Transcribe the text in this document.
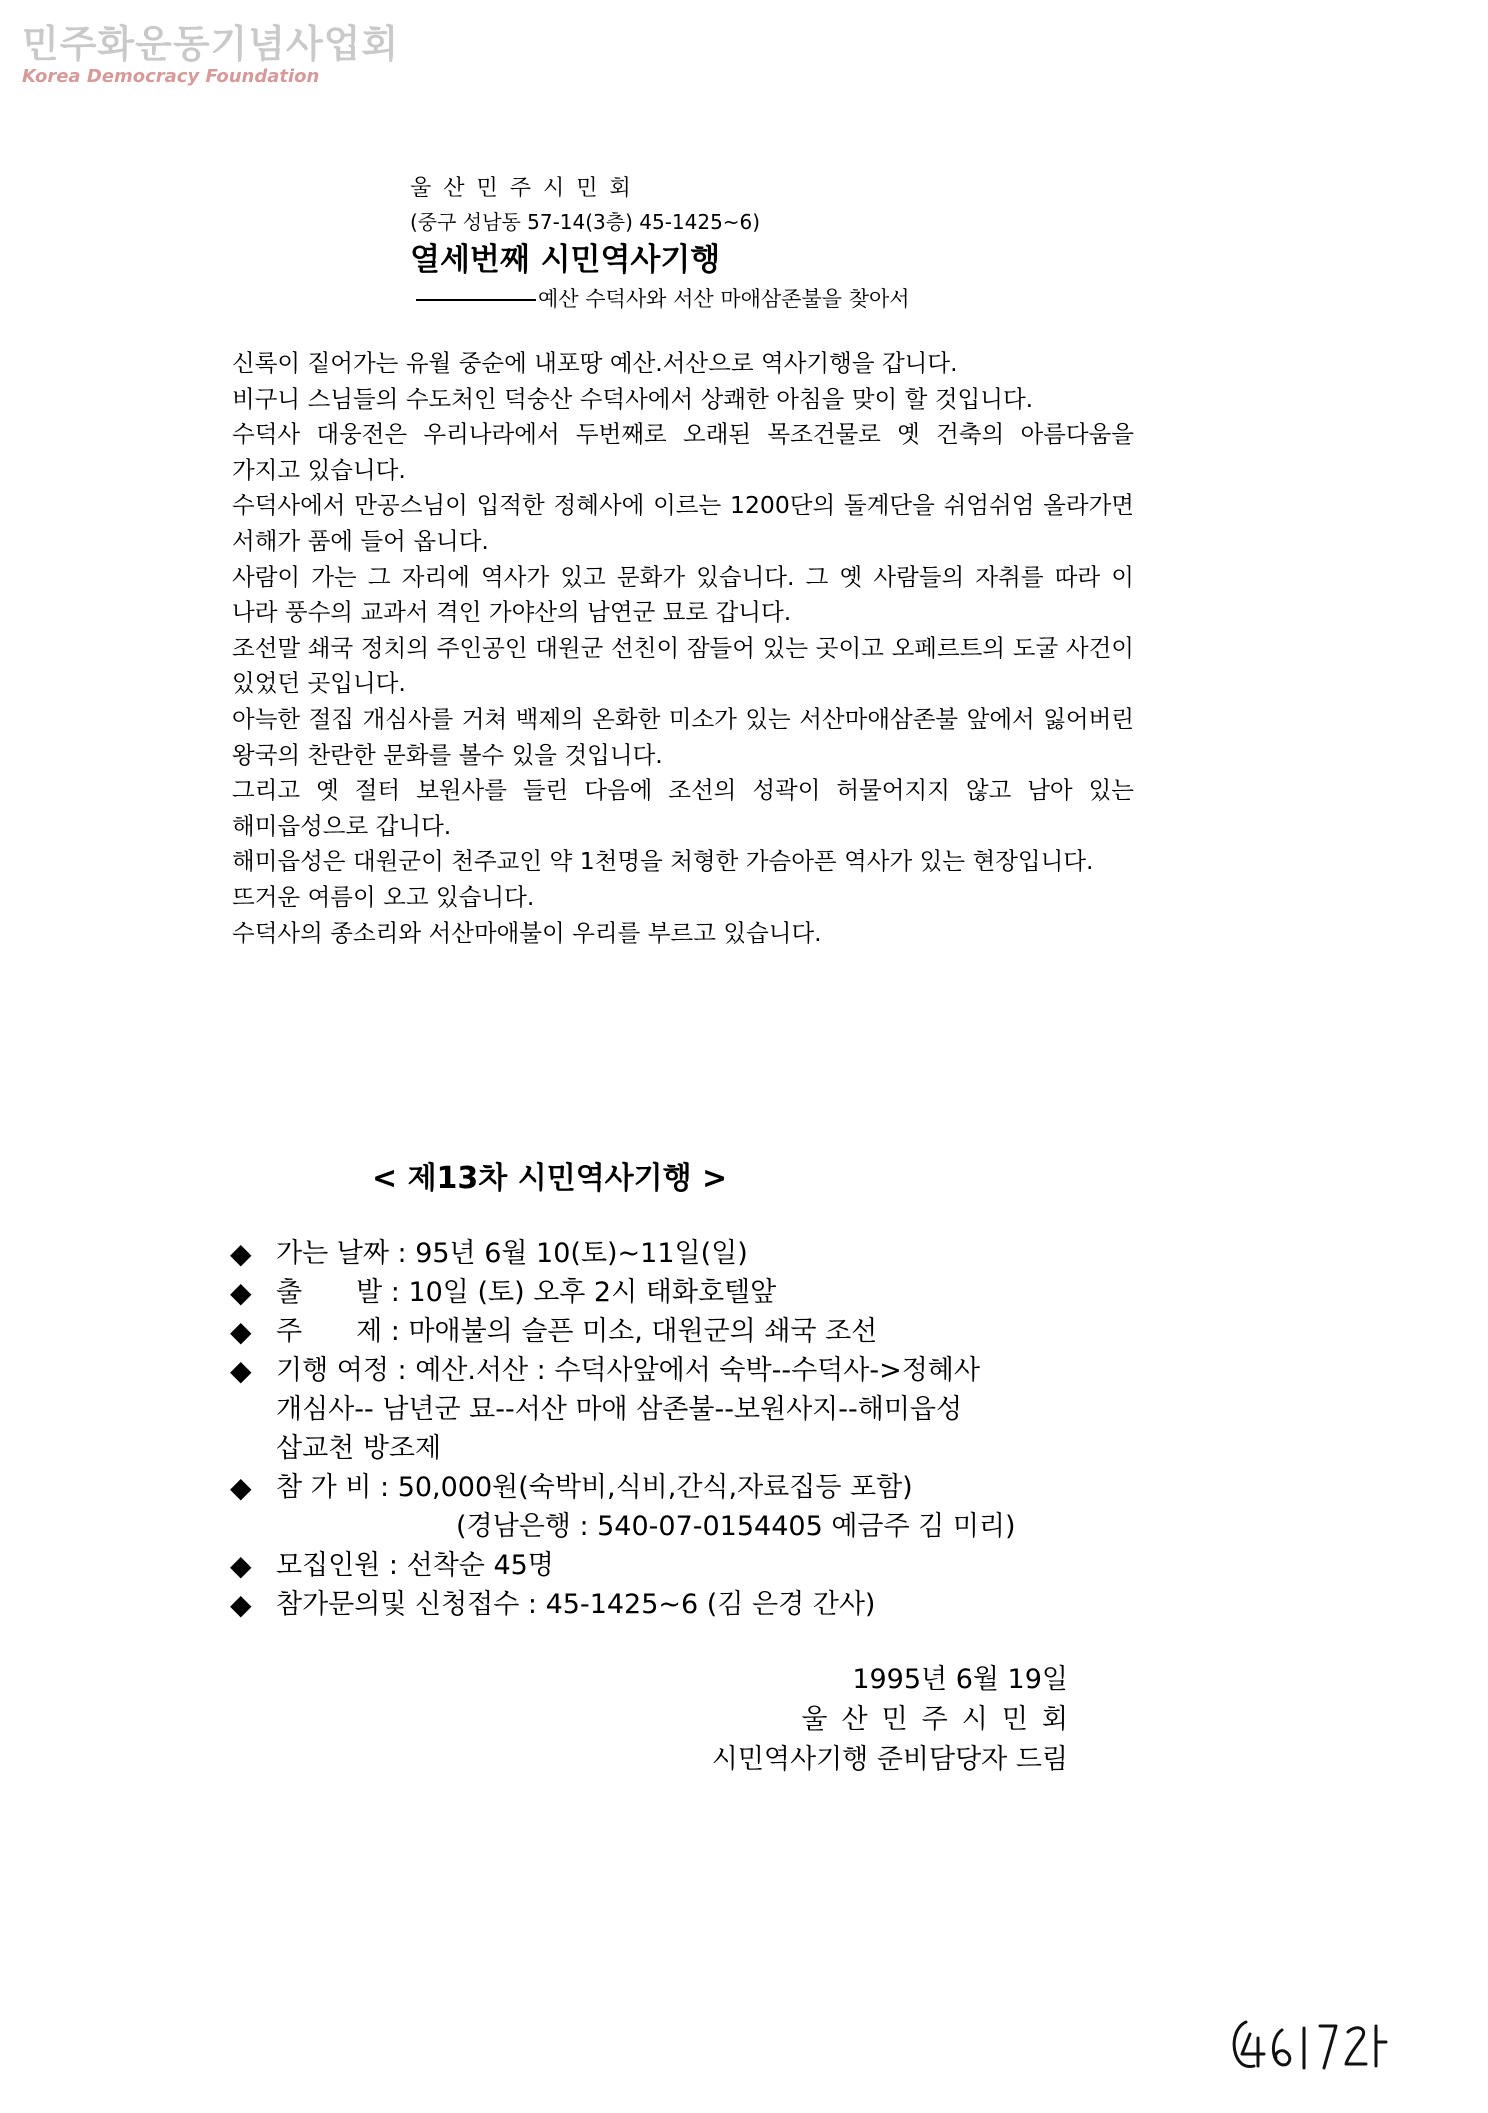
민주화운동기념사업회
Korea Democracy Foundation
울산민주시민회
(중구 성남동 57-14(3층) 45-1425~6)
열세번째 시민역사기행
예산 수덕사와 서산 마애삼존불을 찾아서

신록이 짙어가는 유월 중순에 내포땅 예산.서산으로 역사기행을 갑니다.

비구니 스님들의 수도처인 덕숭산 수덕사에서 상쾌한 아침을 맞이 할 것입니다.

수덕사 대웅전은 우리나라에서 두번째로 오래된 목조건물로 옛 건축의 아름다움을 가지고 있습니다.

수덕사에서 만공스님이 입적한 정혜사에 이르는 1200단의 돌계단을 쉬엄쉬엄 올라가면 서해가 품에 들어 옵니다.

사람이 가는 그 자리에 역사가 있고 문화가 있습니다. 그 옛 사람들의 자취를 따라 이 나라 풍수의 교과서 격인 가야산의 남연군 묘로 갑니다.

조선말 쇄국 정치의 주인공인 대원군 선친이 잠들어 있는 곳이고 오페르트의 도굴 사건이 있었던 곳입니다.

아늑한 절집 개심사를 거쳐 백제의 온화한 미소가 있는 서산마애삼존불 앞에서 잃어버린 왕국의 찬란한 문화를 볼수 있을 것입니다.

그리고 옛 절터 보원사를 들린 다음에 조선의 성곽이 허물어지지 않고 남아 있는 해미읍성으로 갑니다.

해미읍성은 대원군이 천주교인 약 1천명을 처형한 가슴아픈 역사가 있는 현장입니다.

뜨거운 여름이 오고 있습니다.

수덕사의 종소리와 서산마애불이 우리를 부르고 있습니다.

< 제13차 시민역사기행 >
◆ 가는 날짜 : 95년 6월 10(토)~11일(일)
◆ 출　　발 : 10일 (토) 오후 2시 태화호텔앞
◆ 주　　제 : 마애불의 슬픈 미소, 대원군의 쇄국 조선
◆ 기행 여정 : 예산.서산 : 수덕사앞에서 숙박--수덕사->정혜사
개심사-- 남년군 묘--서산 마애 삼존불--보원사지--해미읍성
삽교천 방조제
◆ 참 가 비 : 50,000원(숙박비,식비,간식,자료집등 포함)
(경남은행 : 540-07-0154405 예금주 김 미리)
◆ 모집인원 : 선착순 45명
◆ 참가문의및 신청접수 : 45-1425~6 (김 은경 간사)
1995년 6월 19일
울산민주시민회
시민역사기행 준비담당자 드림
